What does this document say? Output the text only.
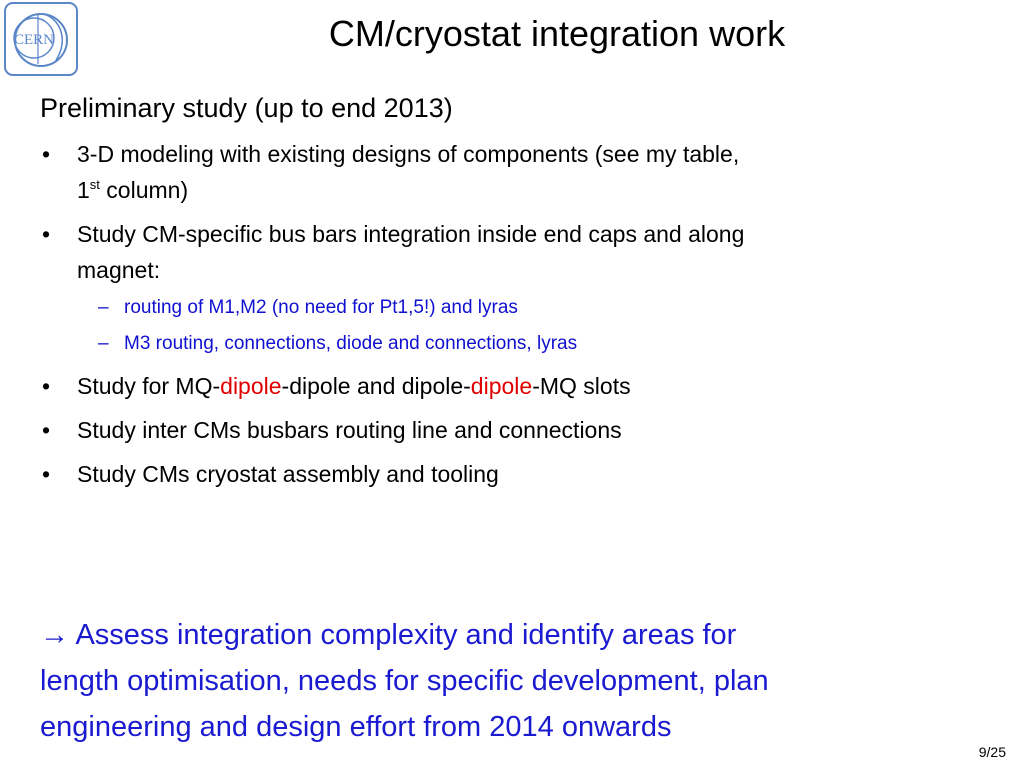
CERN	CM/cryostat integration work
Preliminary study (up to end 2013)
• 3-D modeling with existing designs of components (see my table,
1st column)
• Study CM-specific bus bars integration inside end caps and along
magnet:
– routing of M1,M2 (no need for Pt1,5!) and lyras
– M3 routing, connections, diode and connections, lyras
• Study for MQ-dipole-dipole and dipole-dipole-MQ slots
• Study inter CMs busbars routing line and connections
• Study CMs cryostat assembly and tooling
→ Assess integration complexity and identify areas for
length optimisation, needs for specific development, plan
engineering and design effort from 2014 onwards
9/25
